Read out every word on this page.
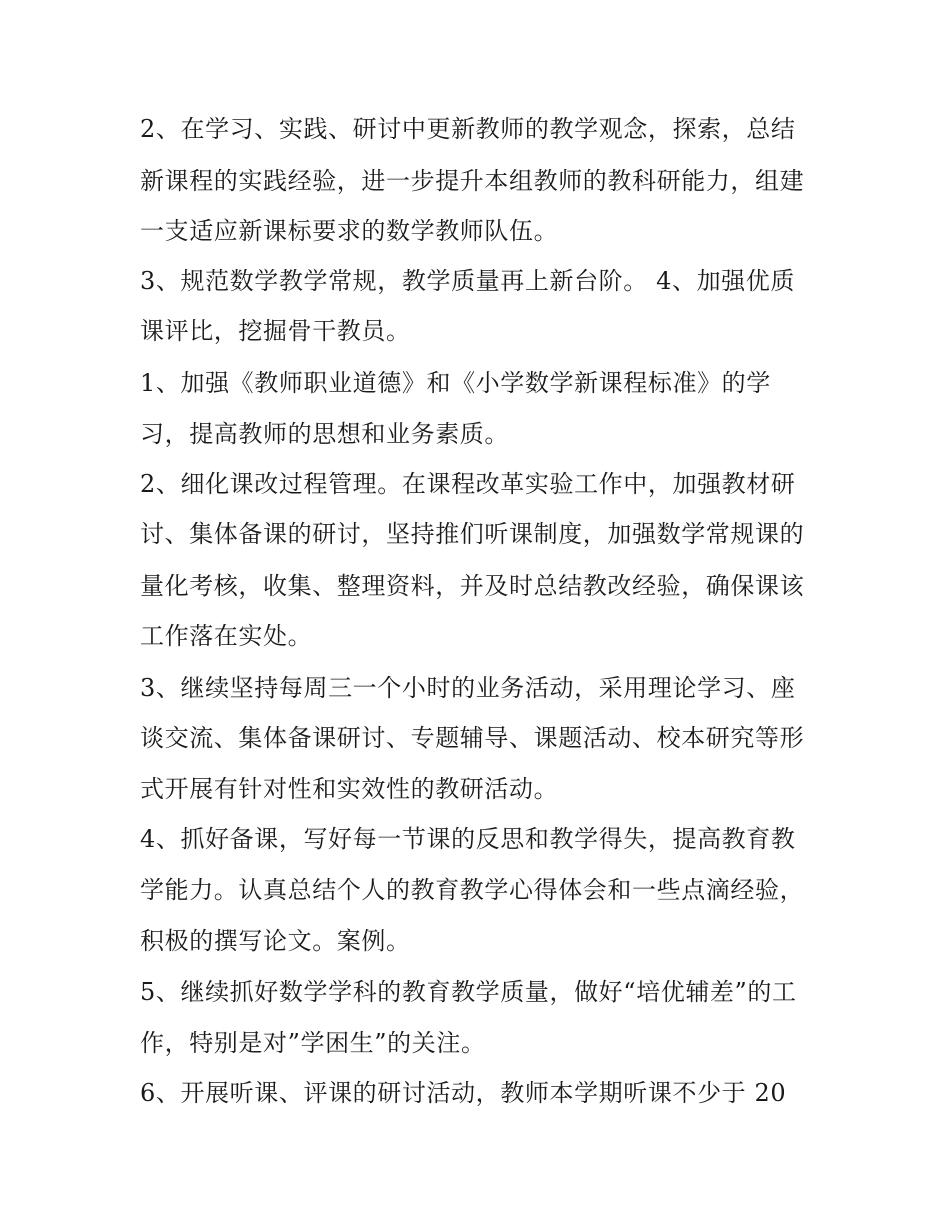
2、在学习、实践、研讨中更新教师的教学观念，探索，总结
新课程的实践经验，进一步提升本组教师的教科研能力，组建
一支适应新课标要求的数学教师队伍。
3、规范数学教学常规，教学质量再上新台阶。 4、加强优质
课评比，挖掘骨干教员。
1、加强《教师职业道德》和《小学数学新课程标准》的学
习，提高教师的思想和业务素质。
2、细化课改过程管理。在课程改革实验工作中，加强教材研
讨、集体备课的研讨，坚持推们听课制度，加强数学常规课的
量化考核，收集、整理资料，并及时总结教改经验，确保课该
工作落在实处。
3、继续坚持每周三一个小时的业务活动，采用理论学习、座
谈交流、集体备课研讨、专题辅导、课题活动、校本研究等形
式开展有针对性和实效性的教研活动。
4、抓好备课，写好每一节课的反思和教学得失，提高教育教
学能力。认真总结个人的教育教学心得体会和一些点滴经验，
积极的撰写论文。案例。
5、继续抓好数学学科的教育教学质量，做好“培优辅差”的工
作，特别是对”学困生”的关注。
6、开展听课、评课的研讨活动，教师本学期听课不少于 20
